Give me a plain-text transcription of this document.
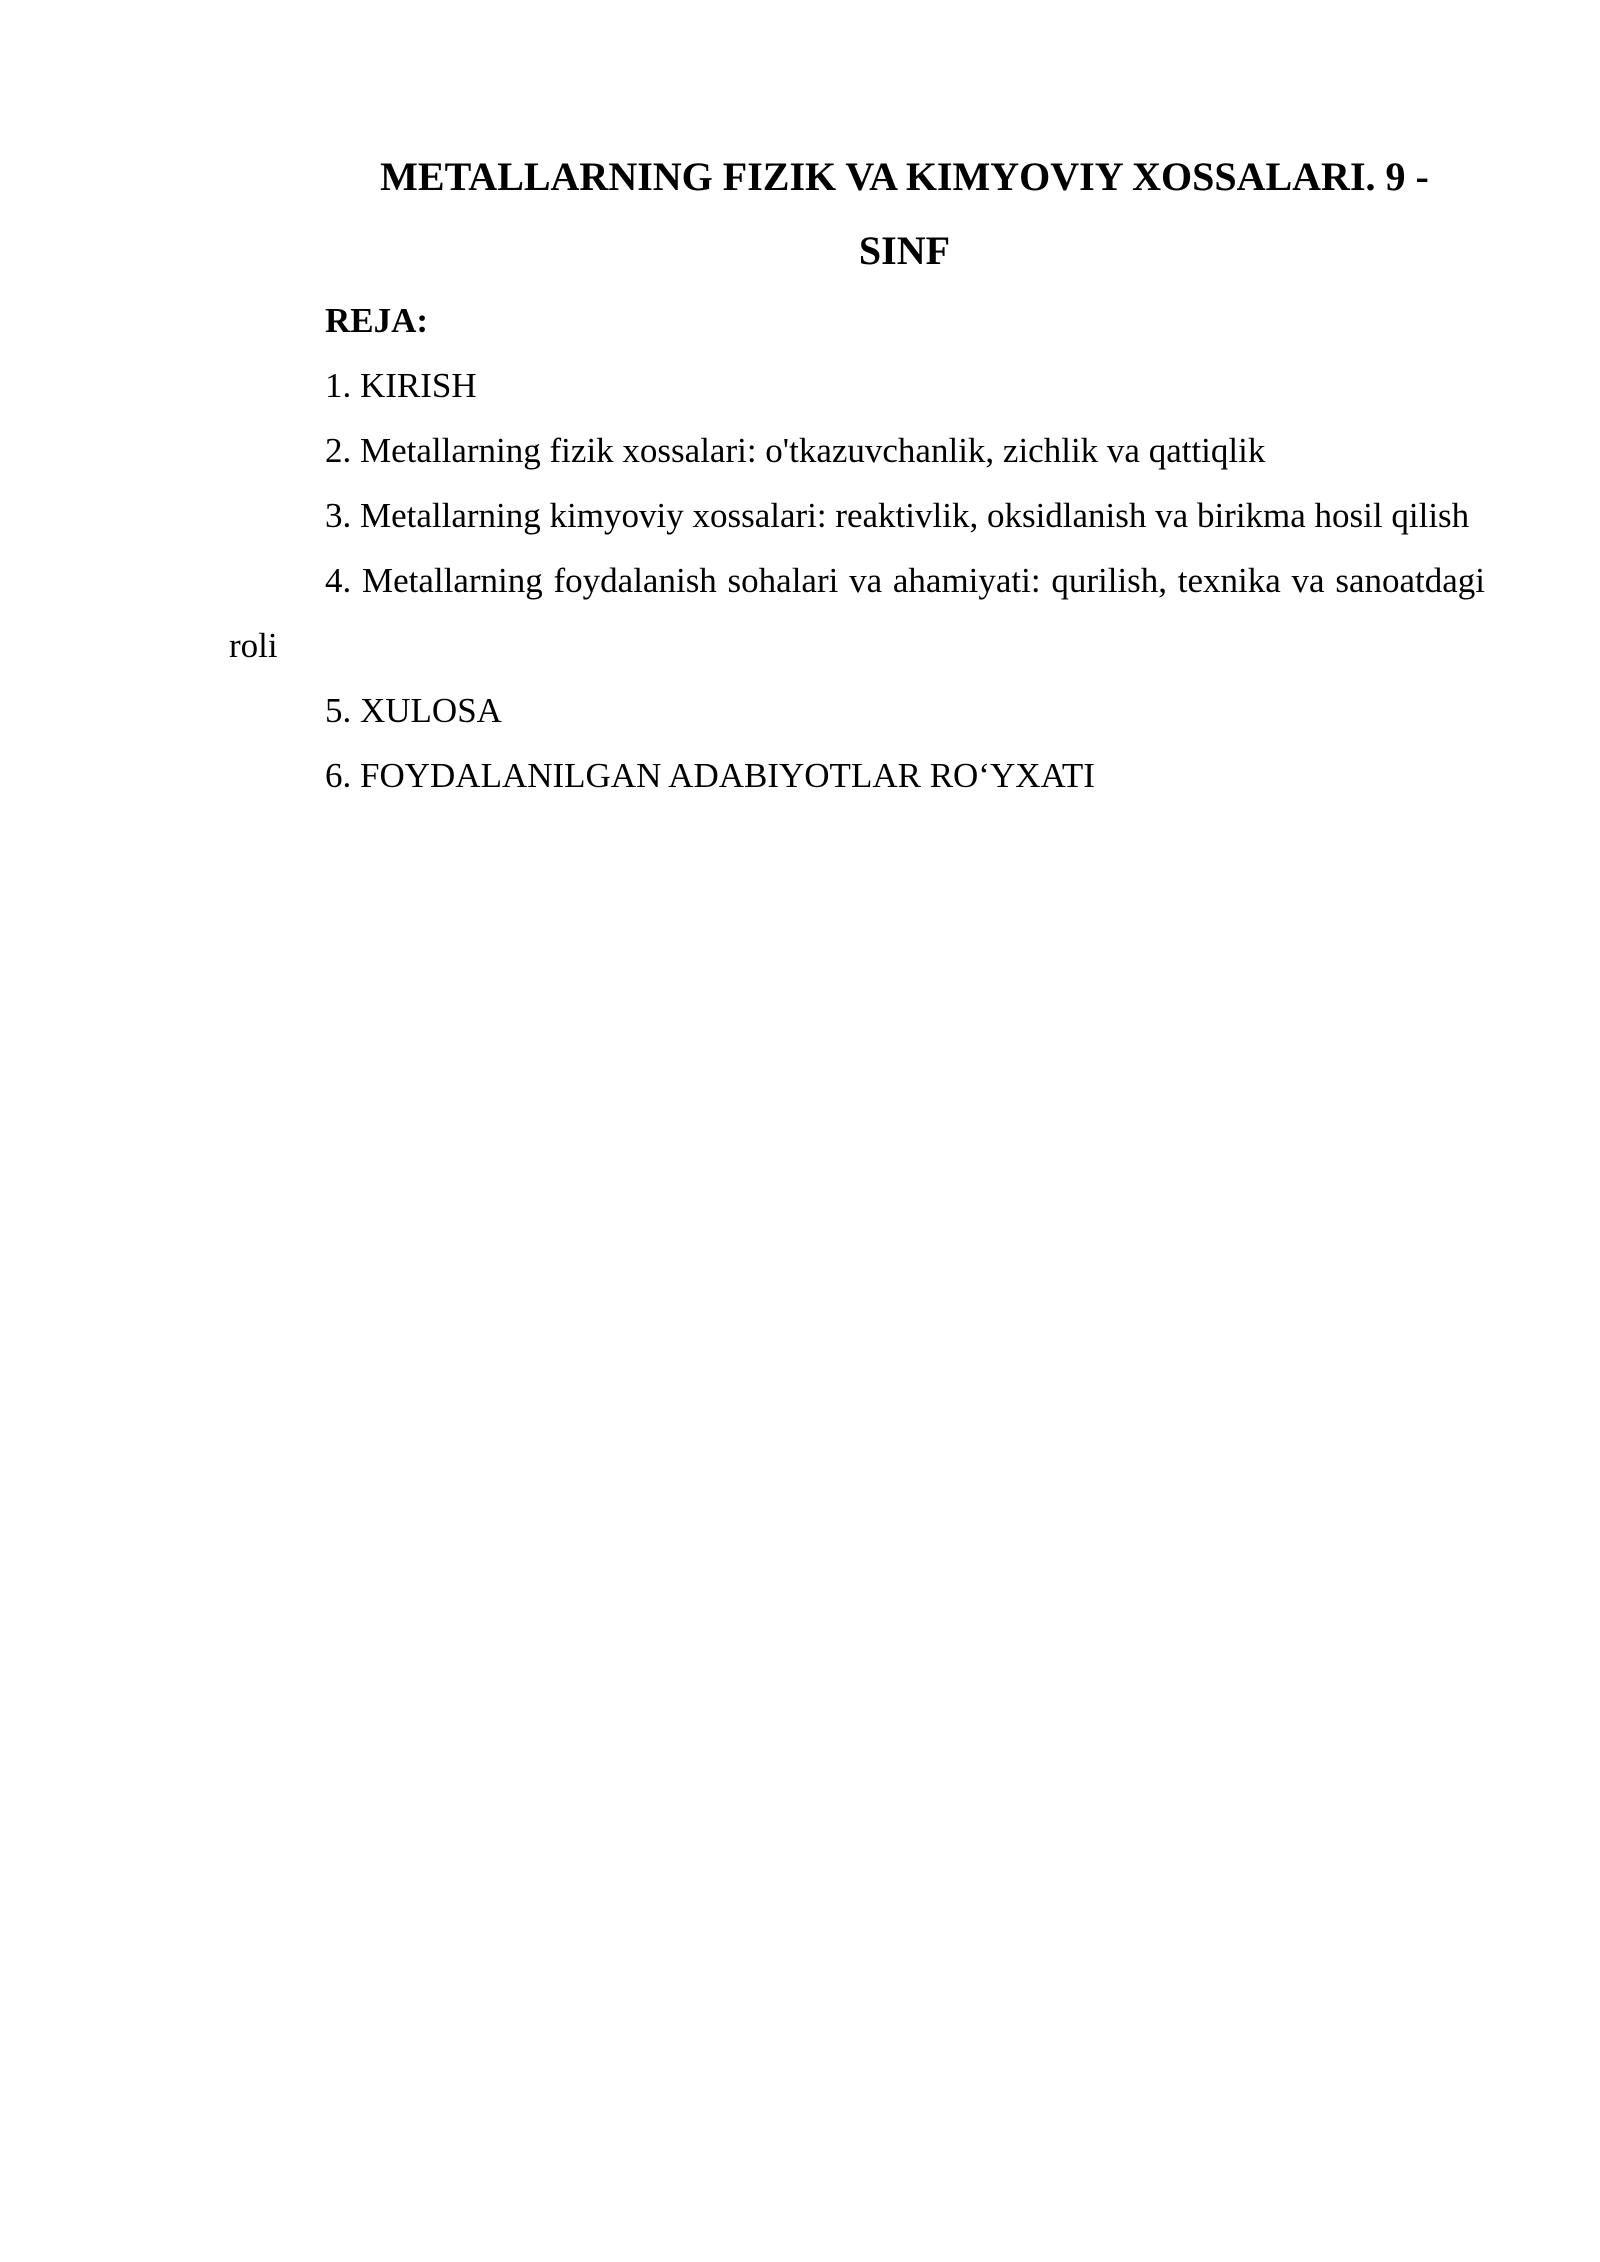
METALLARNING FIZIK VA KIMYOVIY XOSSALARI. 9 -
SINF

REJA:

1. KIRISH

2. Metallarning fizik xossalari: o'tkazuvchanlik, zichlik va qattiqlik

3. Metallarning kimyoviy xossalari: reaktivlik, oksidlanish va birikma hosil qilish

4. Metallarning foydalanish sohalari va ahamiyati: qurilish, texnika va sanoatdagi roli

5. XULOSA

6. FOYDALANILGAN ADABIYOTLAR RO‘YXATI
